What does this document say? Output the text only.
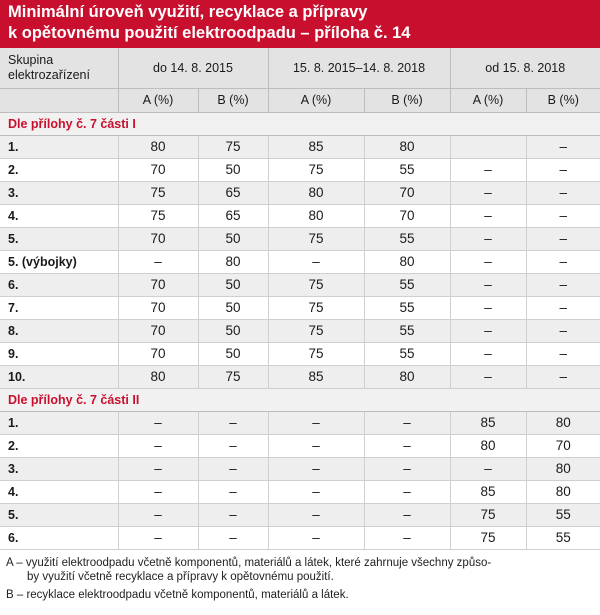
Minimální úroveň využití, recyklace a přípravy
k opětovnému použití elektroodpadu – příloha č. 14
Skupina
elektrozařízení	do 14. 8. 2015		15. 8. 2015–14. 8. 2018		od 15. 8. 2018	
	A (%)	B (%)	A (%)	B (%)	A (%)	B (%)
Dle přílohy č. 7 části I						
1.	80	75	85	80		–
2.	70	50	75	55	–	–
3.	75	65	80	70	–	–
4.	75	65	80	70	–	–
5.	70	50	75	55	–	–
5. (výbojky)	–	80	–	80	–	–
6.	70	50	75	55	–	–
7.	70	50	75	55	–	–
8.	70	50	75	55	–	–
9.	70	50	75	55	–	–
10.	80	75	85	80	–	–
Dle přílohy č. 7 části II						
1.	–	–	–	–	85	80
2.	–	–	–	–	80	70
3.	–	–	–	–	–	80
4.	–	–	–	–	85	80
5.	–	–	–	–	75	55
6.	–	–	–	–	75	55

A – využití elektroodpadu včetně komponentů, materiálů a látek, které zahrnuje všechny způso-
by využití včetně recyklace a přípravy k opětovnému použití.

B – recyklace elektroodpadu včetně komponentů, materiálů a látek.
